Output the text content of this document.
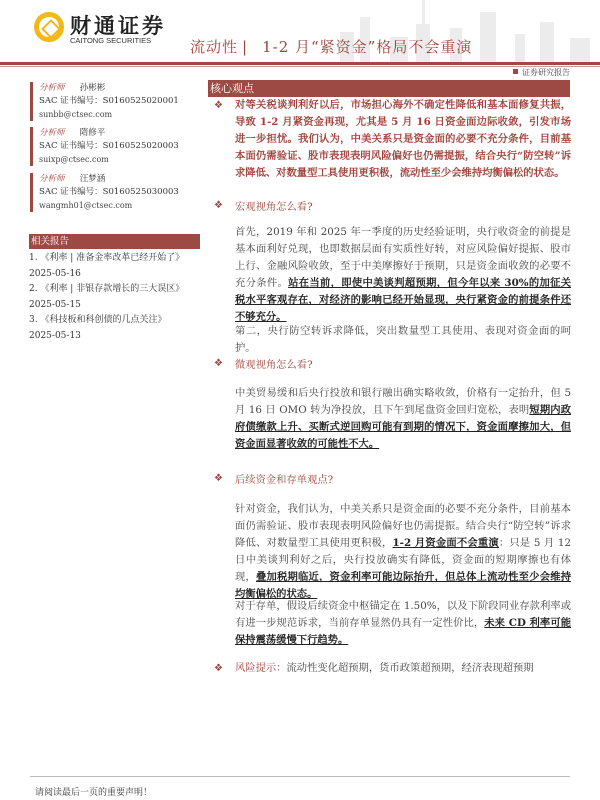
财通证券
CAITONG SECURITIES	流动性 | 1-2 月“紧资金”格局不会重演
证券研究报告
分析师 孙彬彬
SAC 证书编号：S0160525020001
sunbb@ctsec.com
分析师 隋修平
SAC 证书编号：S0160525020003
suixp@ctsec.com
分析师 汪梦涵
SAC 证书编号：S0160525030003
wangmh01@ctsec.com
相关报告
1. 《利率 | 准备金率改革已经开始了》
2025-05-16
2. 《利率 | 非银存款增长的三大误区》
2025-05-15
3. 《科技板和科创债的几点关注》
2025-05-13
核心观点
❖ 对等关税谈判利好以后，市场担心海外不确定性降低和基本面修复共振，导致 1-2 月紧资金再现，尤其是 5 月 16 日资金面边际收敛，引发市场进一步担忧。我们认为，中美关系只是资金面的必要不充分条件，目前基本面仍需验证、股市表现表明风险偏好也仍需提振，结合央行“防空转”诉求降低、对数量型工具使用更积极，流动性至少会维持均衡偏松的状态。
❖ 宏观视角怎么看?
首先，2019 年和 2025 年一季度的历史经验证明，央行收资金的前提是基本面利好兑现，也即数据层面有实质性好转，对应风险偏好提振、股市上行、金融风险收敛，至于中美摩擦好于预期，只是资金面收敛的必要不充分条件。站在当前，即使中美谈判超预期，但今年以来 30%的加征关税水平客观存在，对经济的影响已经开始显现，央行紧资金的前提条件还不够充分。
第二，央行防空转诉求降低，突出数量型工具使用、表现对资金面的呵护。
❖ 微观视角怎么看?
中美贸易缓和后央行投放和银行融出确实略收敛，价格有一定抬升，但 5 月 16 日 OMO 转为净投放，且下午到尾盘资金回归宽松，表明短期内政府债缴款上升、买断式逆回购可能有到期的情况下，资金面摩擦加大，但资金面显著收敛的可能性不大。
❖ 后续资金和存单观点?
针对资金，我们认为，中美关系只是资金面的必要不充分条件，目前基本面仍需验证、股市表现表明风险偏好也仍需提振。结合央行“防空转”诉求降低、对数量型工具使用更积极，1-2 月资金面不会重演：只是 5 月 12 日中美谈判利好之后，央行投放确实有降低，资金面的短期摩擦也有体现，叠加税期临近，资金利率可能边际抬升，但总体上流动性至少会维持均衡偏松的状态。
对于存单，假设后续资金中枢锚定在 1.50%，以及下阶段同业存款利率或有进一步规范诉求，当前存单显然仍具有一定性价比，未来 CD 利率可能保持震荡缓慢下行趋势。
❖ 风险提示：流动性变化超预期，货币政策超预期，经济表现超预期
请阅读最后一页的重要声明！
